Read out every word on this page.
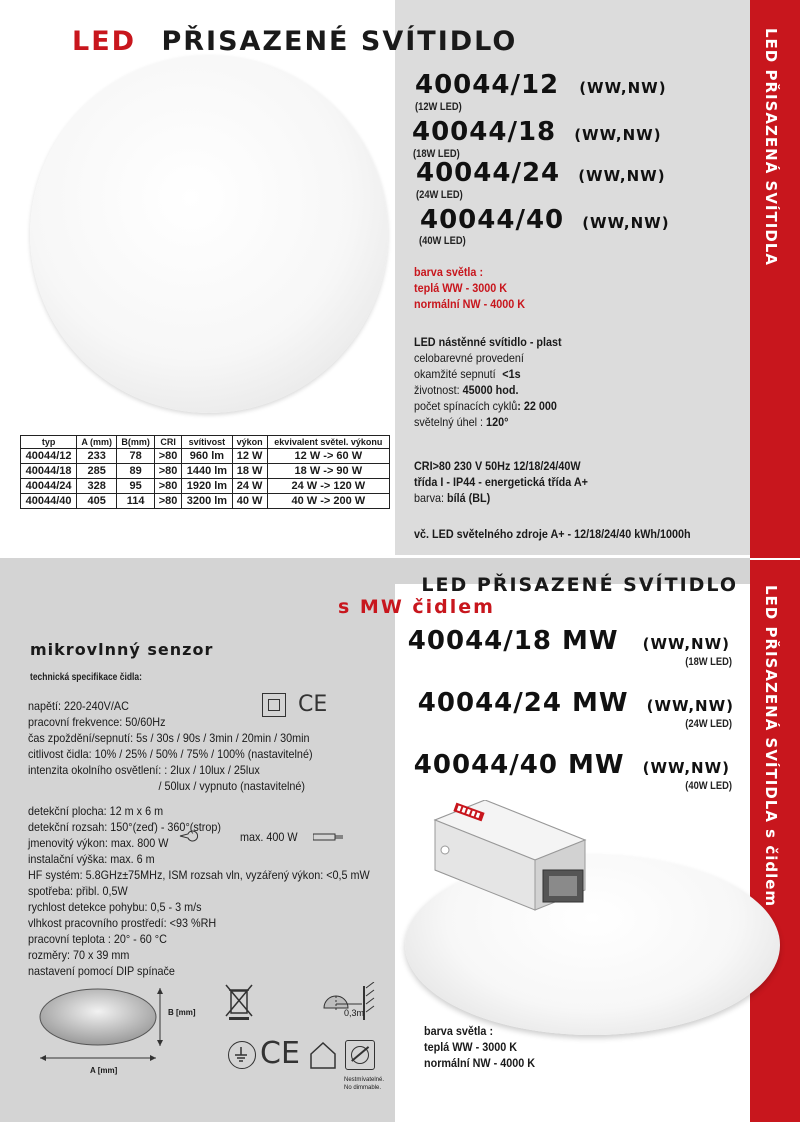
LED PŘISAZENÁ SVÍTIDLA
LED PŘISAZENÉ SVÍTIDLO
40044/12 (WW,NW)
(12W LED)
40044/18 (WW,NW)
(18W LED)
40044/24 (WW,NW)
(24W LED)
40044/40 (WW,NW)
(40W LED)
barva světla :
teplá WW - 3000 K
normální NW - 4000 K
LED nástěnné svítidlo - plast
celobarevné provedení
okamžité sepnutí <1s
životnost: 45000 hod.
počet spínacích cyklů: 22 000
světelný úhel : 120°
CRI>80 230 V 50Hz 12/18/24/40W
třída I - IP44 - energetická třída A+
barva: bílá (BL)
vč. LED světelného zdroje A+ - 12/18/24/40 kWh/1000h
typ	A (mm)	B(mm)	CRI	svítivost	výkon	ekvivalent světel. výkonu
40044/12	233	78	>80	960 lm	12 W	12 W -> 60 W
40044/18	285	89	>80	1440 lm	18 W	18 W -> 90 W
40044/24	328	95	>80	1920 lm	24 W	24 W -> 120 W
40044/40	405	114	>80	3200 lm	40 W	40 W -> 200 W
LED PŘISAZENÁ SVÍTIDLA s čidlem
LED PŘISAZENÉ SVÍTIDLO
s MW čidlem
40044/18 MW (WW,NW)
(18W LED)
40044/24 MW (WW,NW)
(24W LED)
40044/40 MW (WW,NW)
(40W LED)
mikrovlnný senzor
technická specifikace čidla:
napětí: 220-240V/AC
pracovní frekvence: 50/60Hz
čas zpoždění/sepnutí: 5s / 30s / 90s / 3min / 20min / 30min
citlivost čidla: 10% / 25% / 50% / 75% / 100% (nastavitelné)
intenzita okolního osvětlení: : 2lux / 10lux / 25lux
/ 50lux / vypnuto (nastavitelné)
detekční plocha: 12 m x 6 m
detekční rozsah: 150°(zeď) - 360°(strop)
jmenovitý výkon: max. 800 W
instalační výška: max. 6 m
HF systém: 5.8GHz±75MHz, ISM rozsah vln, vyzářený výkon: <0,5 mW
spotřeba: přibl. 0,5W
rychlost detekce pohybu: 0,5 - 3 m/s
vlhkost pracovního prostředí: <93 %RH
pracovní teplota : 20° - 60 °C
rozměry: 70 x 39 mm
nastavení pomocí DIP spínače
max. 400 W
CE
B [mm]
A [mm]
0,3m
CE
Nestmívatelné.
No dimmable.
barva světla :
teplá WW - 3000 K
normální NW - 4000 K
